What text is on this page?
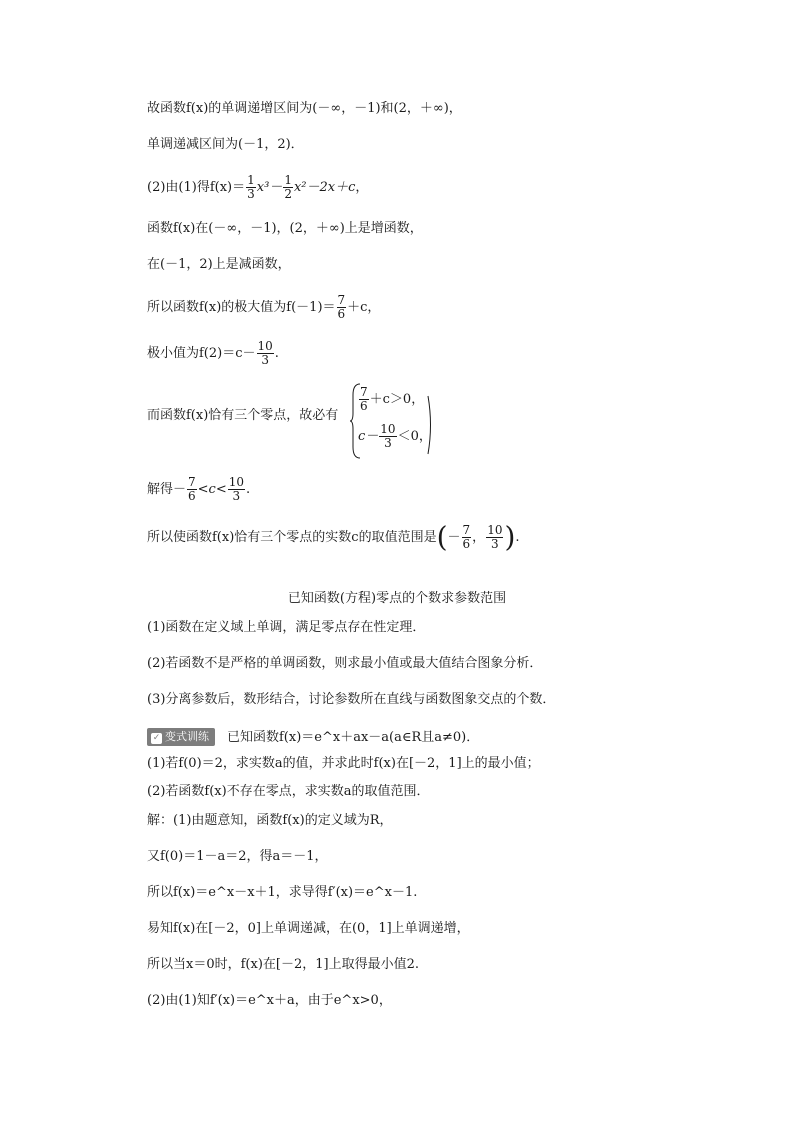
故函数f(x)的单调递增区间为(－∞，－1)和(2，＋∞)，
单调递减区间为(－1，2)．
(2)由(1)得$f(x)= \frac{1}{3} x^3- \frac{1}{2} x^2-2x+c$，
函数f(x)在(－∞，－1)，(2，＋∞)上是增函数，
在(－1，2)上是减函数，
所以函数f(x)的极大值为$f(-1)= \frac{7}{6} +c$，
极小值为$f(2)=c- \frac{10}{3}$ .
而函数f(x)恰有三个零点，故必有
$\frac{7}{6} +c>0$，
$c- \frac{10}{3} <0$，
解得－ $\frac{7}{6} <c< \frac{10}{3}$ .
所以使函数f(x)恰有三个零点的实数c的取值范围是(－ $\frac{7}{6}$ ， $\frac{10}{3}$ ).
已知函数(方程)零点的个数求参数范围
(1)函数在定义域上单调，满足零点存在性定理．
(2)若函数不是严格的单调函数，则求最小值或最大值结合图象分析．
(3)分离参数后，数形结合，讨论参数所在直线与函数图象交点的个数．
✓ 变式训练 已知函数f(x)＝e^x＋ax－a(a∈R且a≠0)．
(1)若f(0)＝2，求实数a的值，并求此时f(x)在[－2，1]上的最小值；
(2)若函数f(x)不存在零点，求实数a的取值范围．
解：(1)由题意知，函数f(x)的定义域为R，
又f(0)＝1－a＝2，得a＝－1，
所以f(x)＝e^x－x＋1，求导得f′(x)＝e^x－1.
易知f(x)在[－2，0]上单调递减，在(0，1]上单调递增，
所以当x＝0时，f(x)在[－2，1]上取得最小值2.
(2)由(1)知f′(x)＝e^x＋a，由于e^x>0，
